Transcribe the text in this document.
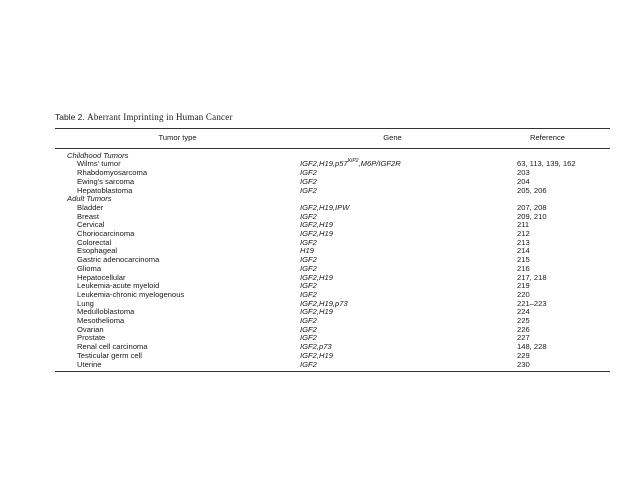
Table 2. Aberrant Imprinting in Human Cancer
Tumor type	Gene	Reference
Childhood Tumors		
Wilms' tumor	$IGF2,H19,p57^{KIP2},M6P/IGF2R$	63, 113, 139, 162
Rhabdomyosarcoma	IGF2	203
Ewing's sarcoma	IGF2	204
Hepatoblastoma	IGF2	205, 206
Adult Tumors		
Bladder	IGF2,H19,IPW	207, 208
Breast	IGF2	209, 210
Cervical	IGF2,H19	211
Choriocarcinoma	IGF2,H19	212
Colorectal	IGF2	213
Esophageal	H19	214
Gastric adenocarcinoma	IGF2	215
Glioma	IGF2	216
Hepatocellular	IGF2,H19	217, 218
Leukemia-acute myeloid	IGF2	219
Leukemia-chronic myelogenous	IGF2	220
Lung	IGF2,H19,p73	221–223
Medulloblastoma	IGF2,H19	224
Mesothelioma	IGF2	225
Ovarian	IGF2	226
Prostate	IGF2	227
Renal cell carcinoma	IGF2,p73	148, 228
Testicular germ cell	IGF2,H19	229
Uterine	IGF2	230
